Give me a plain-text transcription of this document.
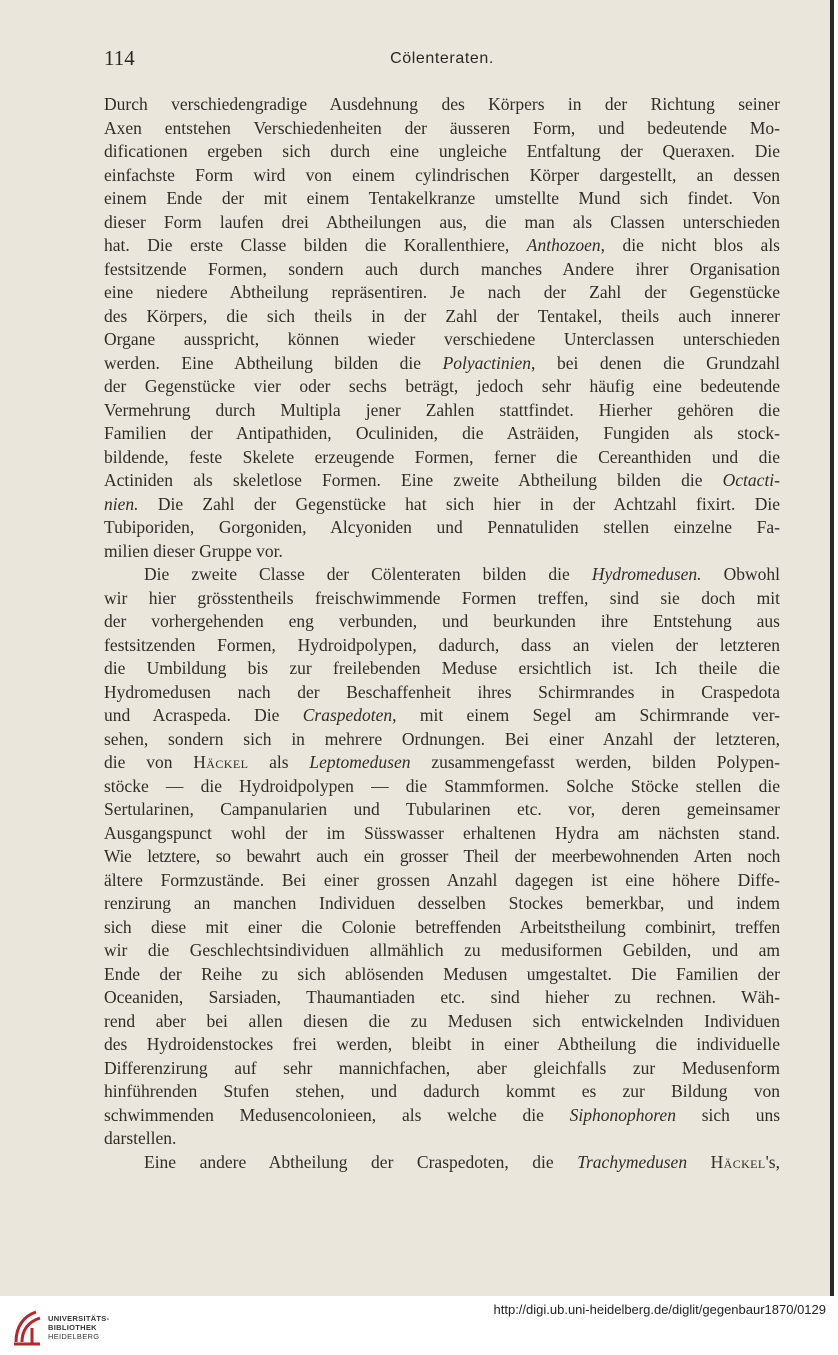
114	Cölenteraten.
Durch verschiedengradige Ausdehnung des Körpers in der Richtung seiner
Axen entstehen Verschiedenheiten der äusseren Form, und bedeutende Mo-
dificationen ergeben sich durch eine ungleiche Entfaltung der Queraxen. Die
einfachste Form wird von einem cylindrischen Körper dargestellt, an dessen
einem Ende der mit einem Tentakelkranze umstellte Mund sich findet. Von
dieser Form laufen drei Abtheilungen aus, die man als Classen unterschieden
hat. Die erste Classe bilden die Korallenthiere, Anthozoen, die nicht blos als
festsitzende Formen, sondern auch durch manches Andere ihrer Organisation
eine niedere Abtheilung repräsentiren. Je nach der Zahl der Gegenstücke
des Körpers, die sich theils in der Zahl der Tentakel, theils auch innerer
Organe ausspricht, können wieder verschiedene Unterclassen unterschieden
werden. Eine Abtheilung bilden die Polyactinien, bei denen die Grundzahl
der Gegenstücke vier oder sechs beträgt, jedoch sehr häufig eine bedeutende
Vermehrung durch Multipla jener Zahlen stattfindet. Hierher gehören die
Familien der Antipathiden, Oculiniden, die Asträiden, Fungiden als stock-
bildende, feste Skelete erzeugende Formen, ferner die Cereanthiden und die
Actiniden als skeletlose Formen. Eine zweite Abtheilung bilden die Octacti-
nien. Die Zahl der Gegenstücke hat sich hier in der Achtzahl fixirt. Die
Tubiporiden, Gorgoniden, Alcyoniden und Pennatuliden stellen einzelne Fa-
milien dieser Gruppe vor.
Die zweite Classe der Cölenteraten bilden die Hydromedusen. Obwohl
wir hier grösstentheils freischwimmende Formen treffen, sind sie doch mit
der vorhergehenden eng verbunden, und beurkunden ihre Entstehung aus
festsitzenden Formen, Hydroidpolypen, dadurch, dass an vielen der letzteren
die Umbildung bis zur freilebenden Meduse ersichtlich ist. Ich theile die
Hydromedusen nach der Beschaffenheit ihres Schirmrandes in Craspedota
und Acraspeda. Die Craspedoten, mit einem Segel am Schirmrande ver-
sehen, sondern sich in mehrere Ordnungen. Bei einer Anzahl der letzteren,
die von Häckel als Leptomedusen zusammengefasst werden, bilden Polypen-
stöcke — die Hydroidpolypen — die Stammformen. Solche Stöcke stellen die
Sertularinen, Campanularien und Tubularinen etc. vor, deren gemeinsamer
Ausgangspunct wohl der im Süsswasser erhaltenen Hydra am nächsten stand.
Wie letztere, so bewahrt auch ein grosser Theil der meerbewohnenden Arten noch
ältere Formzustände. Bei einer grossen Anzahl dagegen ist eine höhere Diffe-
renzirung an manchen Individuen desselben Stockes bemerkbar, und indem
sich diese mit einer die Colonie betreffenden Arbeitstheilung combinirt, treffen
wir die Geschlechtsindividuen allmählich zu medusiformen Gebilden, und am
Ende der Reihe zu sich ablösenden Medusen umgestaltet. Die Familien der
Oceaniden, Sarsiaden, Thaumantiaden etc. sind hieher zu rechnen. Wäh-
rend aber bei allen diesen die zu Medusen sich entwickelnden Individuen
des Hydroidenstockes frei werden, bleibt in einer Abtheilung die individuelle
Differenzirung auf sehr mannichfachen, aber gleichfalls zur Medusenform
hinführenden Stufen stehen, und dadurch kommt es zur Bildung von
schwimmenden Medusencolonieen, als welche die Siphonophoren sich uns
darstellen.
Eine andere Abtheilung der Craspedoten, die Trachymedusen Häckel's,
UNIVERSITÄTS-
BIBLIOTHEK
HEIDELBERG
http://digi.ub.uni-heidelberg.de/diglit/gegenbaur1870/0129
